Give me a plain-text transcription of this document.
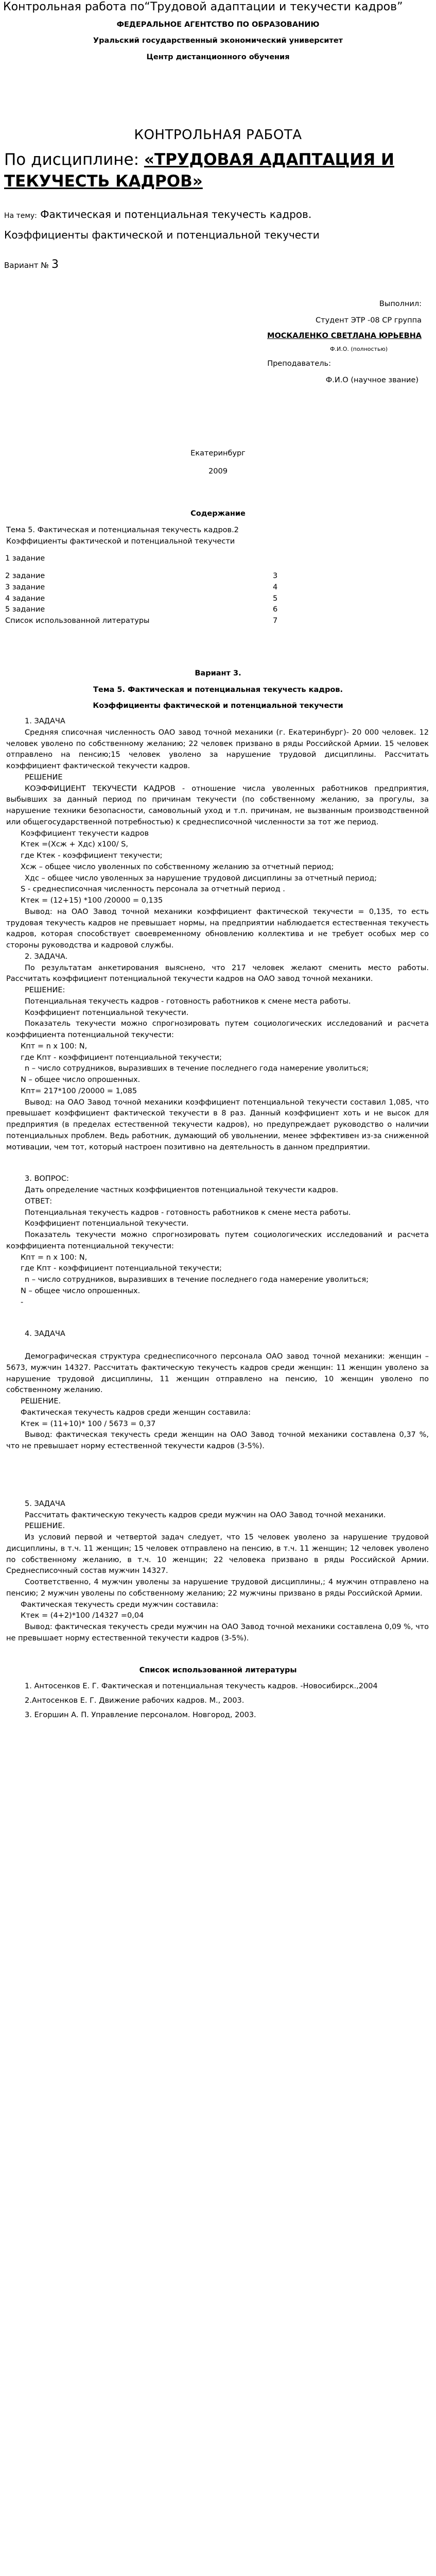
Контрольная работа по“Трудовой адаптации и текучести кадров”

ФЕДЕРАЛЬНОЕ АГЕНТСТВО ПО ОБРАЗОВАНИЮ

Уральский государственный экономический университет

Центр дистанционного обучения

КОНТРОЛЬНАЯ РАБОТА
По дисциплине: «ТРУДОВАЯ АДАПТАЦИЯ И ТЕКУЧЕСТЬ КАДРОВ»
На тему: Фактическая и потенциальная текучесть кадров.
Коэффициенты фактической и потенциальной текучести
Вариант № 3

Выполнил:

Студент ЭТР -08 СР группа

МОСКАЛЕНКО СВЕТЛАНА ЮРЬЕВНА

Ф.И.О. (полностью)

Преподаватель:

Ф.И.О (научное звание)

Екатеринбург

2009

Содержание

Тема 5. Фактическая и потенциальная текучесть кадров.2

Коэффициенты фактической и потенциальной текучести

1 задание
2 задание	3
3 задание	4
4 задание	5
5 задание	6
Список использованной литературы	7

Вариант 3.

Тема 5. Фактическая и потенциальная текучесть кадров.

Коэффициенты фактической и потенциальной текучести

1. ЗАДАЧА

Средняя списочная численность ОАО завод точной механики (г. Екатеринбург)- 20 000 человек. 12 человек уволено по собственному желанию; 22 человек призвано в ряды Российской Армии. 15 человек отправлено на пенсию;15 человек уволено за нарушение трудовой дисциплины. Рассчитать коэффициент фактической текучести кадров.

РЕШЕНИЕ

КОЭФФИЦИЕНТ ТЕКУЧЕСТИ КАДРОВ - отношение числа уволенных работников предприятия, выбывших за данный период по причинам текучести (по собственному желанию, за прогулы, за нарушение техники безопасности, самовольный уход и т.п. причинам, не вызванным производственной или общегосударственной потребностью) к среднесписочной численности за тот же период.

Коэффициент текучести кадров

Ктек =(Хсж + Хдс) х100/ S,

где Ктек - коэффициент текучести;

Хсж – общее число уволенных по собственному желанию за отчетный период;

Хдс – общее число уволенных за нарушение трудовой дисциплины за отчетный период;

S - среднесписочная численность персонала за отчетный период .

Ктек = (12+15) *100 /20000 = 0,135

Вывод: на ОАО Завод точной механики коэффициент фактической текучести = 0,135, то есть трудовая текучесть кадров не превышает нормы, на предприятии наблюдается естественная текучесть кадров, которая способствует своевременному обновлению коллектива и не требует особых мер со стороны руководства и кадровой службы.

2. ЗАДАЧА.

По результатам анкетирования выяснено, что 217 человек желают сменить место работы. Рассчитать коэффициент потенциальной текучести кадров на ОАО завод точной механики.

РЕШЕНИЕ:

Потенциальная текучесть кадров - готовность работников к смене места работы.

Коэффициент потенциальной текучести.

Показатель текучести можно спрогнозировать путем социологических исследований и расчета коэффициента потенциальной текучести:

Кпт = n х 100: N,

где Кпт - коэффициент потенциальной текучести;

n – число сотрудников, выразивших в течение последнего года намерение уволиться;

N – общее число опрошенных.

Кпт= 217*100 /20000 = 1,085

Вывод: на ОАО Завод точной механики коэффициент потенциальной текучести составил 1,085, что превышает коэффициент фактической текучести в 8 раз. Данный коэффициент хоть и не высок для предприятия (в пределах естественной текучести кадров), но предупреждает руководство о наличии потенциальных проблем. Ведь работник, думающий об увольнении, менее эффективен из-за сниженной мотивации, чем тот, который настроен позитивно на деятельность в данном предприятии.

3. ВОПРОС:

Дать определение частных коэффициентов потенциальной текучести кадров.

ОТВЕТ:

Потенциальная текучесть кадров - готовность работников к смене места работы.

Коэффициент потенциальной текучести.

Показатель текучести можно спрогнозировать путем социологических исследований и расчета коэффициента потенциальной текучести:

Кпт = n х 100: N,

где Кпт - коэффициент потенциальной текучести;

n – число сотрудников, выразивших в течение последнего года намерение уволиться;

N – общее число опрошенных.

-

4. ЗАДАЧА

Демографическая структура среднесписочного персонала ОАО завод точной механики: женщин – 5673, мужчин 14327. Рассчитать фактическую текучесть кадров среди женщин: 11 женщин уволено за нарушение трудовой дисциплины, 11 женщин отправлено на пенсию, 10 женщин уволено по собственному желанию.

РЕШЕНИЕ.

Фактическая текучесть кадров среди женщин составила:

Ктек = (11+10)* 100 / 5673 = 0,37

Вывод: фактическая текучесть среди женщин на ОАО Завод точной механики составлена 0,37 %, что не превышает норму естественной текучести кадров (3-5%).

5. ЗАДАЧА

Рассчитать фактическую текучесть кадров среди мужчин на ОАО Завод точной механики.

РЕШЕНИЕ.

Из условий первой и четвертой задач следует, что 15 человек уволено за нарушение трудовой дисциплины, в т.ч. 11 женщин; 15 человек отправлено на пенсию, в т.ч. 11 женщин; 12 человек уволено по собственному желанию, в т.ч. 10 женщин; 22 человека призвано в ряды Российской Армии. Среднесписочный состав мужчин 14327.

Соответственно, 4 мужчин уволены за нарушение трудовой дисциплины,; 4 мужчин отправлено на пенсию; 2 мужчин уволены по собственному желанию; 22 мужчины призвано в ряды Российской Армии.

Фактическая текучесть среди мужчин составила:

Ктек = (4+2)*100 /14327 =0,04

Вывод: фактическая текучесть среди мужчин на ОАО Завод точной механики составлена 0,09 %, что не превышает норму естественной текучести кадров (3-5%).

Список использованной литературы

1. Антосенков Е. Г. Фактическая и потенциальная текучесть кадров. -Новосибирск.,2004

2.Антосенков Е. Г. Движение рабочих кадров. М., 2003.

3. Егоршин А. П. Управление персоналом. Новгород, 2003.
